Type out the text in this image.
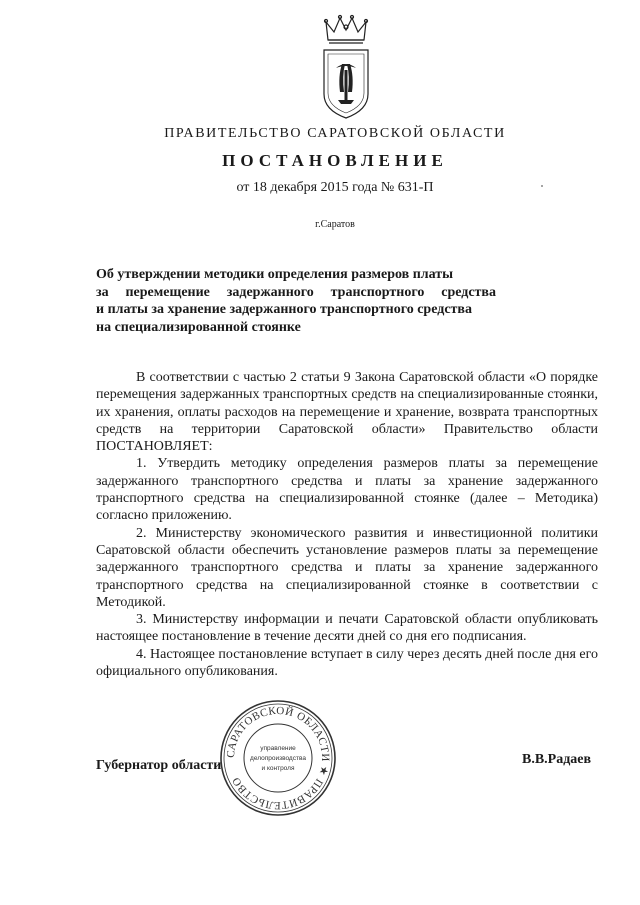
ПРАВИТЕЛЬСТВО САРАТОВСКОЙ ОБЛАСТИ
ПОСТАНОВЛЕНИЕ
от 18 декабря 2015 года № 631-П
г.Саратов
Об утверждении методики определения размеров платы
за перемещение задержанного транспортного средства
и платы за хранение задержанного транспортного средства
на специализированной стоянке

В соответствии с частью 2 статьи 9 Закона Саратовской области «О порядке перемещения задержанных транспортных средств на специализированные стоянки, их хранения, оплаты расходов на перемещение и хранение, возврата транспортных средств на территории Саратовской области» Правительство области ПОСТАНОВЛЯЕТ:

1. Утвердить методику определения размеров платы за перемещение задержанного транспортного средства и платы за хранение задержанного транспортного средства на специализированной стоянке (далее – Методика) согласно приложению.

2. Министерству экономического развития и инвестиционной политики Саратовской области обеспечить установление размеров платы за перемещение задержанного транспортного средства и платы за хранение задержанного транспортного средства на специализированной стоянке в соответствии с Методикой.

3. Министерству информации и печати Саратовской области опубликовать настоящее постановление в течение десяти дней со дня его подписания.

4. Настоящее постановление вступает в силу через десять дней после дня его официального опубликования.

Губернатор области	В.В.Радаев
САРАТОВСКОЙ ОБЛАСТИ ★ ПРАВИТЕЛЬСТВО
управление
делопроизводства
и контроля
